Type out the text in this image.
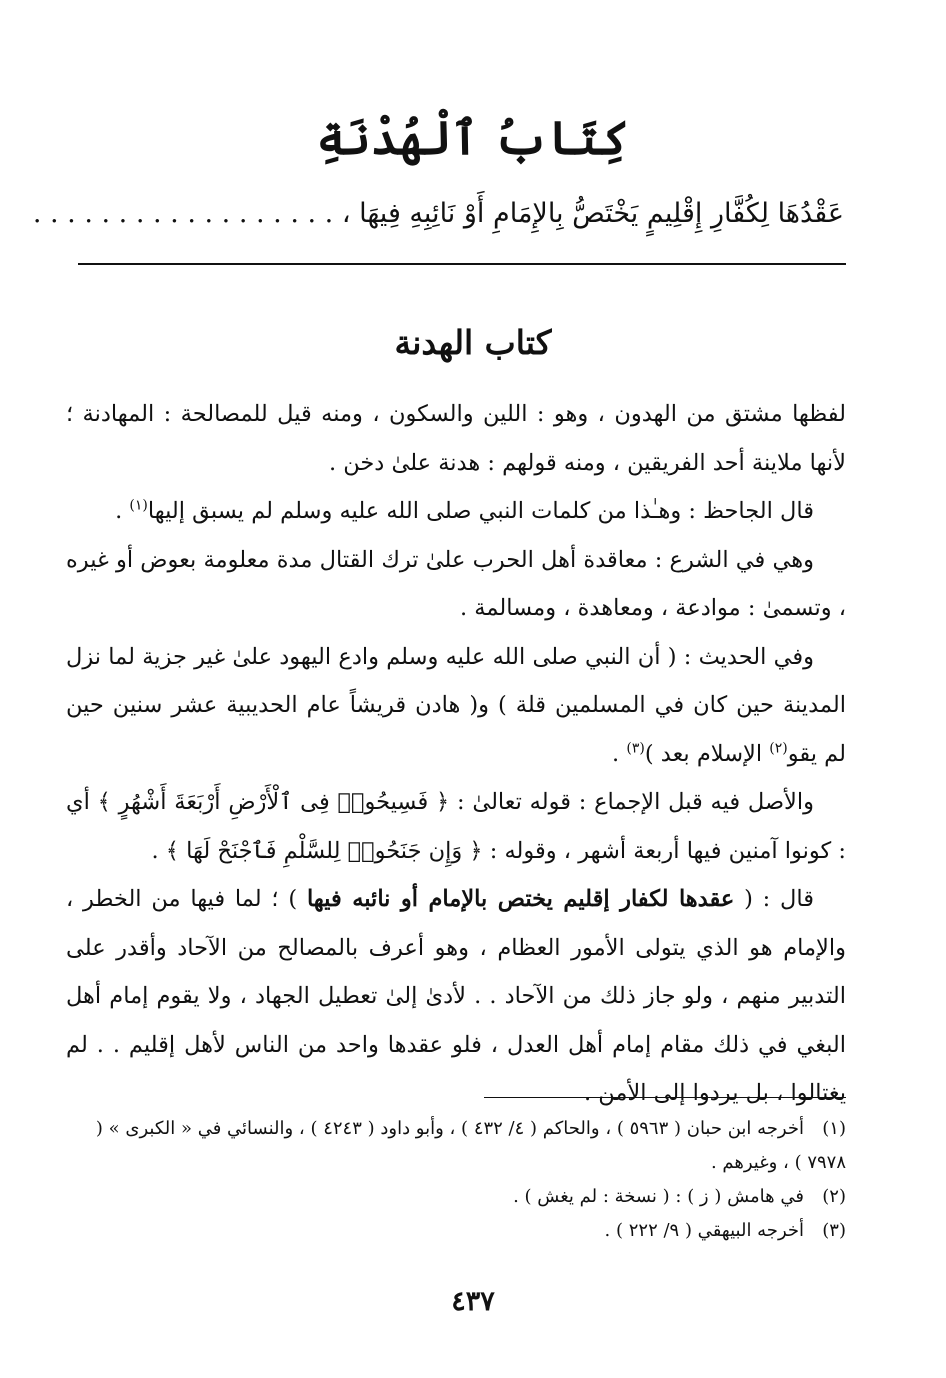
كِتَابُ ٱلْهُدْنَةِ
عَقْدُهَا لِكُفَّارِ إِقْلِيمٍ يَخْتَصُّ بِالإِمَامِ أَوْ نَائِبِهِ فِيهَا ، . . . . . . . . . . . . . . . . . .
كتاب الهدنة

لفظها مشتق من الهدون ، وهو : اللين والسكون ، ومنه قيل للمصالحة : المهادنة ؛ لأنها ملاينة أحد الفريقين ، ومنه قولهم : هدنة علىٰ دخن .

قال الجاحظ : وهـٰذا من كلمات النبي صلى الله عليه وسلم لم يسبق إليها$^{(١)}$ .

وهي في الشرع : معاقدة أهل الحرب علىٰ ترك القتال مدة معلومة بعوض أو غيره ، وتسمىٰ : موادعة ، ومعاهدة ، ومسالمة .

وفي الحديث : ( أن النبي صلى الله عليه وسلم وادع اليهود علىٰ غير جزية لما نزل المدينة حين كان في المسلمين قلة ) و( هادن قريشاً عام الحديبية عشر سنين حين لم يقو$^{(٢)}$ الإسلام بعد )$^{(٣)}$ .

والأصل فيه قبل الإجماع : قوله تعالىٰ : ﴿ فَسِيحُوا۟ فِى ٱلْأَرْضِ أَرْبَعَةَ أَشْهُرٍ ﴾ أي : كونوا آمنين فيها أربعة أشهر ، وقوله : ﴿ وَإِن جَنَحُوا۟ لِلسَّلْمِ فَٱجْنَحْ لَهَا ﴾ .

قال : ( عقدها لكفار إقليم يختص بالإمام أو نائبه فيها ) ؛ لما فيها من الخطر ، والإمام هو الذي يتولى الأمور العظام ، وهو أعرف بالمصالح من الآحاد وأقدر على التدبير منهم ، ولو جاز ذلك من الآحاد . . لأدىٰ إلىٰ تعطيل الجهاد ، ولا يقوم إمام أهل البغي في ذلك مقام إمام أهل العدل ، فلو عقدها واحد من الناس لأهل إقليم . . لم يغتالوا ، بل يردوا إلى الأمن .

(١)أخرجه ابن حبان ( ٥٩٦٣ ) ، والحاكم ( ٤/ ٤٣٢ ) ، وأبو داود ( ٤٢٤٣ ) ، والنسائي في « الكبرى » ( ٧٩٧٨ ) ، وغيرهم .

(٢)في هامش ( ز ) : ( نسخة : لم يغش ) .

(٣)أخرجه البيهقي ( ٩/ ٢٢٢ ) .

٤٣٧
